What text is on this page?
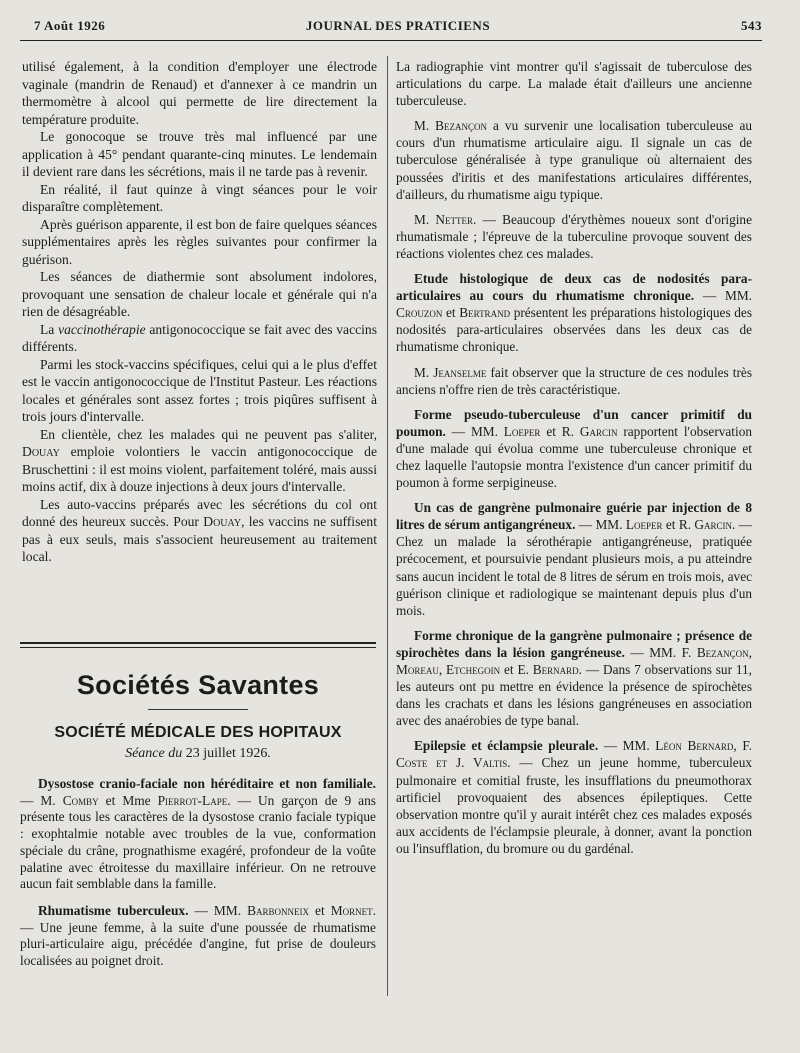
7 Août 1926	JOURNAL DES PRATICIENS	543

utilisé également, à la condition d'employer une électrode vaginale (mandrin de Renaud) et d'annexer à ce mandrin un thermomètre à alcool qui permette de lire directement la température produite.

Le gonocoque se trouve très mal influencé par une application à 45° pendant quarante-cinq minutes. Le lendemain il devient rare dans les sécrétions, mais il ne tarde pas à revenir.

En réalité, il faut quinze à vingt séances pour le voir disparaître complètement.

Après guérison apparente, il est bon de faire quelques séances supplémentaires après les règles suivantes pour confirmer la guérison.

Les séances de diathermie sont absolument indolores, provoquant une sensation de chaleur locale et générale qui n'a rien de désagréable.

La vaccinothérapie antigonococcique se fait avec des vaccins différents.

Parmi les stock-vaccins spécifiques, celui qui a le plus d'effet est le vaccin antigonococcique de l'Institut Pasteur. Les réactions locales et générales sont assez fortes ; trois piqûres suffisent à trois jours d'intervalle.

En clientèle, chez les malades qui ne peuvent pas s'aliter, Douay emploie volontiers le vaccin antigonococcique de Bruschettini : il est moins violent, parfaitement toléré, mais aussi moins actif, dix à douze injections à deux jours d'intervalle.

Les auto-vaccins préparés avec les sécrétions du col ont donné des heureux succès. Pour Douay, les vaccins ne suffisent pas à eux seuls, mais s'associent heureusement au traitement local.

Sociétés Savantes
SOCIÉTÉ MÉDICALE DES HOPITAUX
Séance du 23 juillet 1926.

Dysostose cranio-faciale non héréditaire et non familiale. — M. Comby et Mme Pierrot-Lape. — Un garçon de 9 ans présente tous les caractères de la dysostose cranio faciale typique : exophtalmie notable avec troubles de la vue, conformation spéciale du crâne, prognathisme exagéré, profondeur de la voûte palatine avec étroitesse du maxillaire inférieur. On ne retrouve aucun fait semblable dans la famille.

Rhumatisme tuberculeux. — MM. Barbonneix et Mornet. — Une jeune femme, à la suite d'une poussée de rhumatisme pluri-articulaire aigu, précédée d'angine, fut prise de douleurs localisées au poignet droit.

La radiographie vint montrer qu'il s'agissait de tuberculose des articulations du carpe. La malade était d'ailleurs une ancienne tuberculeuse.

M. Bezançon a vu survenir une localisation tuberculeuse au cours d'un rhumatisme articulaire aigu. Il signale un cas de tuberculose généralisée à type granulique où alternaient des poussées d'iritis et des manifestations articulaires différentes, d'ailleurs, du rhumatisme aigu typique.

M. Netter. — Beaucoup d'érythèmes noueux sont d'origine rhumatismale ; l'épreuve de la tuberculine provoque souvent des réactions violentes chez ces malades.

Etude histologique de deux cas de nodosités para-articulaires au cours du rhumatisme chronique. — MM. Crouzon et Bertrand présentent les préparations histologiques des nodosités para-articulaires observées dans les deux cas de rhumatisme chronique.

M. Jeanselme fait observer que la structure de ces nodules très anciens n'offre rien de très caractéristique.

Forme pseudo-tuberculeuse d'un cancer primitif du poumon. — MM. Loeper et R. Garcin rapportent l'observation d'une malade qui évolua comme une tuberculeuse chronique et chez laquelle l'autopsie montra l'existence d'un cancer primitif du poumon à forme serpigineuse.

Un cas de gangrène pulmonaire guérie par injection de 8 litres de sérum antigangréneux. — MM. Loeper et R. Garcin. — Chez un malade la sérothérapie antigangréneuse, pratiquée précocement, et poursuivie pendant plusieurs mois, a pu atteindre sans aucun incident le total de 8 litres de sérum en trois mois, avec guérison clinique et radiologique se maintenant depuis plus d'un mois.

Forme chronique de la gangrène pulmonaire ; présence de spirochètes dans la lésion gangréneuse. — MM. F. Bezançon, Moreau, Etchegoin et E. Bernard. — Dans 7 observations sur 11, les auteurs ont pu mettre en évidence la présence de spirochètes dans les crachats et dans les lésions gangréneuses en association avec des anaérobies de type banal.

Epilepsie et éclampsie pleurale. — MM. Léon Bernard, F. Coste et J. Valtis. — Chez un jeune homme, tuberculeux pulmonaire et comitial fruste, les insufflations du pneumothorax artificiel provoquaient des absences épileptiques. Cette observation montre qu'il y aurait intérêt chez ces malades exposés aux accidents de l'éclampsie pleurale, à donner, avant la ponction ou l'insufflation, du bromure ou du gardénal.
